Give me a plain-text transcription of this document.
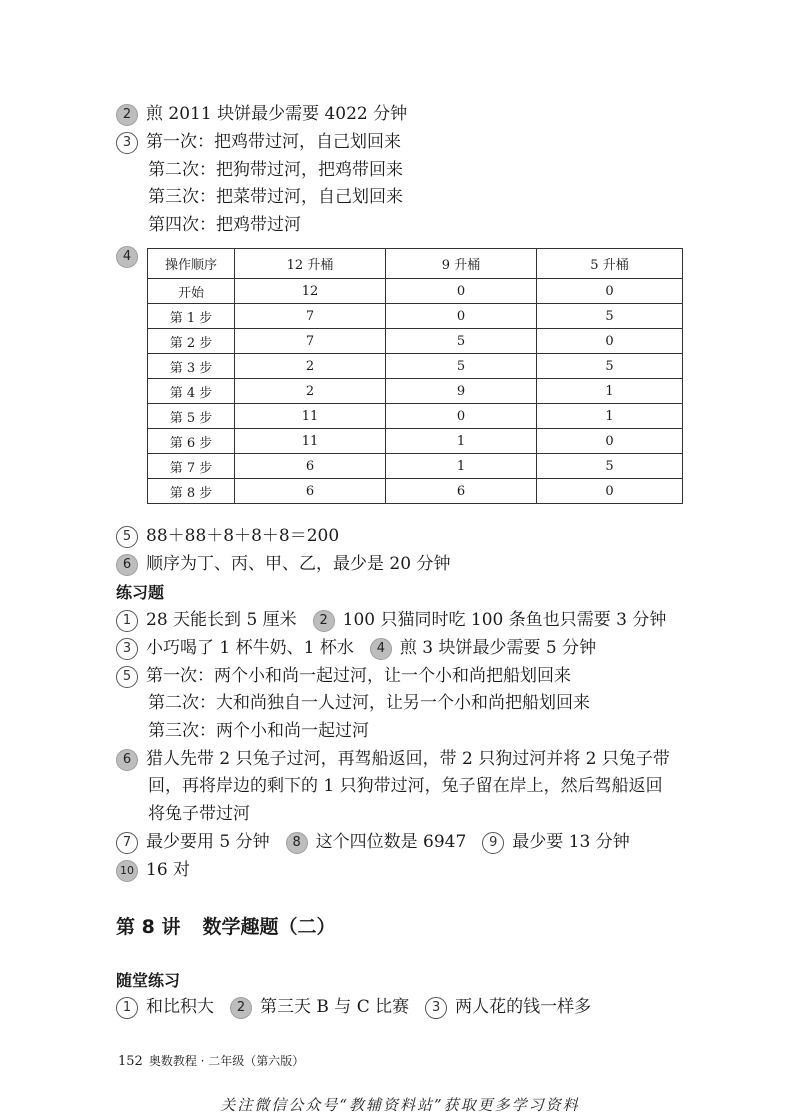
2 煎 2011 块饼最少需要 4022 分钟
3 第一次：把鸡带过河，自己划回来
第二次：把狗带过河，把鸡带回来
第三次：把菜带过河，自己划回来
第四次：把鸡带过河
4
操作顺序	12 升桶	9 升桶	5 升桶
开始	12	0	0
第 1 步	7	0	5
第 2 步	7	5	0
第 3 步	2	5	5
第 4 步	2	9	1
第 5 步	11	0	1
第 6 步	11	1	0
第 7 步	6	1	5
第 8 步	6	6	0
5 88＋88＋8＋8＋8＝200
6 顺序为丁、丙、甲、乙，最少是 20 分钟
练习题
1 28 天能长到 5 厘米 2 100 只猫同时吃 100 条鱼也只需要 3 分钟
3 小巧喝了 1 杯牛奶、1 杯水 4 煎 3 块饼最少需要 5 分钟
5 第一次：两个小和尚一起过河，让一个小和尚把船划回来
第二次：大和尚独自一人过河，让另一个小和尚把船划回来
第三次：两个小和尚一起过河
6 猎人先带 2 只兔子过河，再驾船返回，带 2 只狗过河并将 2 只兔子带
回，再将岸边的剩下的 1 只狗带过河，兔子留在岸上，然后驾船返回
将兔子带过河
7 最少要用 5 分钟 8 这个四位数是 6947 9 最少要 13 分钟
10 16 对
第 8 讲 数学趣题（二）
随堂练习
1 和比积大 2 第三天 B 与 C 比赛 3 两人花的钱一样多
152 奥数教程 · 二年级（第六版）
关注微信公众号“教辅资料站”获取更多学习资料
